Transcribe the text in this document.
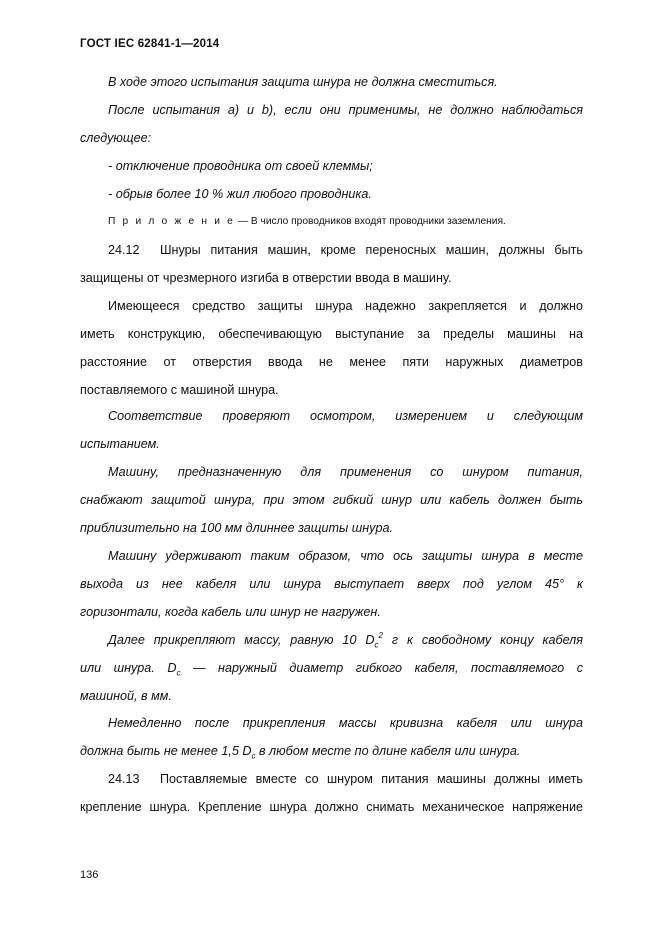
ГОСТ IEC 62841-1—2014
В ходе этого испытания защита шнура не должна сместиться.
После испытания а) и b), если они применимы, не должно наблюдаться
следующее:
- отключение проводника от своей клеммы;
- обрыв более 10 % жил любого проводника.
П р и л о ж е н и е — В число проводников входят проводники заземления.
24.12	Шнуры питания машин, кроме переносных машин, должны быть
защищены от чрезмерного изгиба в отверстии ввода в машину.
Имеющееся средство защиты шнура надежно закрепляется и должно
иметь конструкцию, обеспечивающую выступание за пределы машины на
расстояние от отверстия ввода не менее пяти наружных диаметров
поставляемого с машиной шнура.
Соответствие проверяют осмотром, измерением и следующим
испытанием.
Машину, предназначенную для применения со шнуром питания,
снабжают защитой шнура, при этом гибкий шнур или кабель должен быть
приблизительно на 100 мм длиннее защиты шнура.
Машину удерживают таким образом, что ось защиты шнура в месте
выхода из нее кабеля или шнура выступает вверх под углом 45° к
горизонтали, когда кабель или шнур не нагружен.
Далее прикрепляют массу, равную 10 $D_c^2$ г к свободному концу кабеля
или шнура. $D_c$ — наружный диаметр гибкого кабеля, поставляемого с
машиной, в мм.
Немедленно после прикрепления массы кривизна кабеля или шнура
должна быть не менее 1,5 $D_c$ в любом месте по длине кабеля или шнура.
24.13	Поставляемые вместе со шнуром питания машины должны иметь
крепление шнура. Крепление шнура должно снимать механическое напряжение
136
